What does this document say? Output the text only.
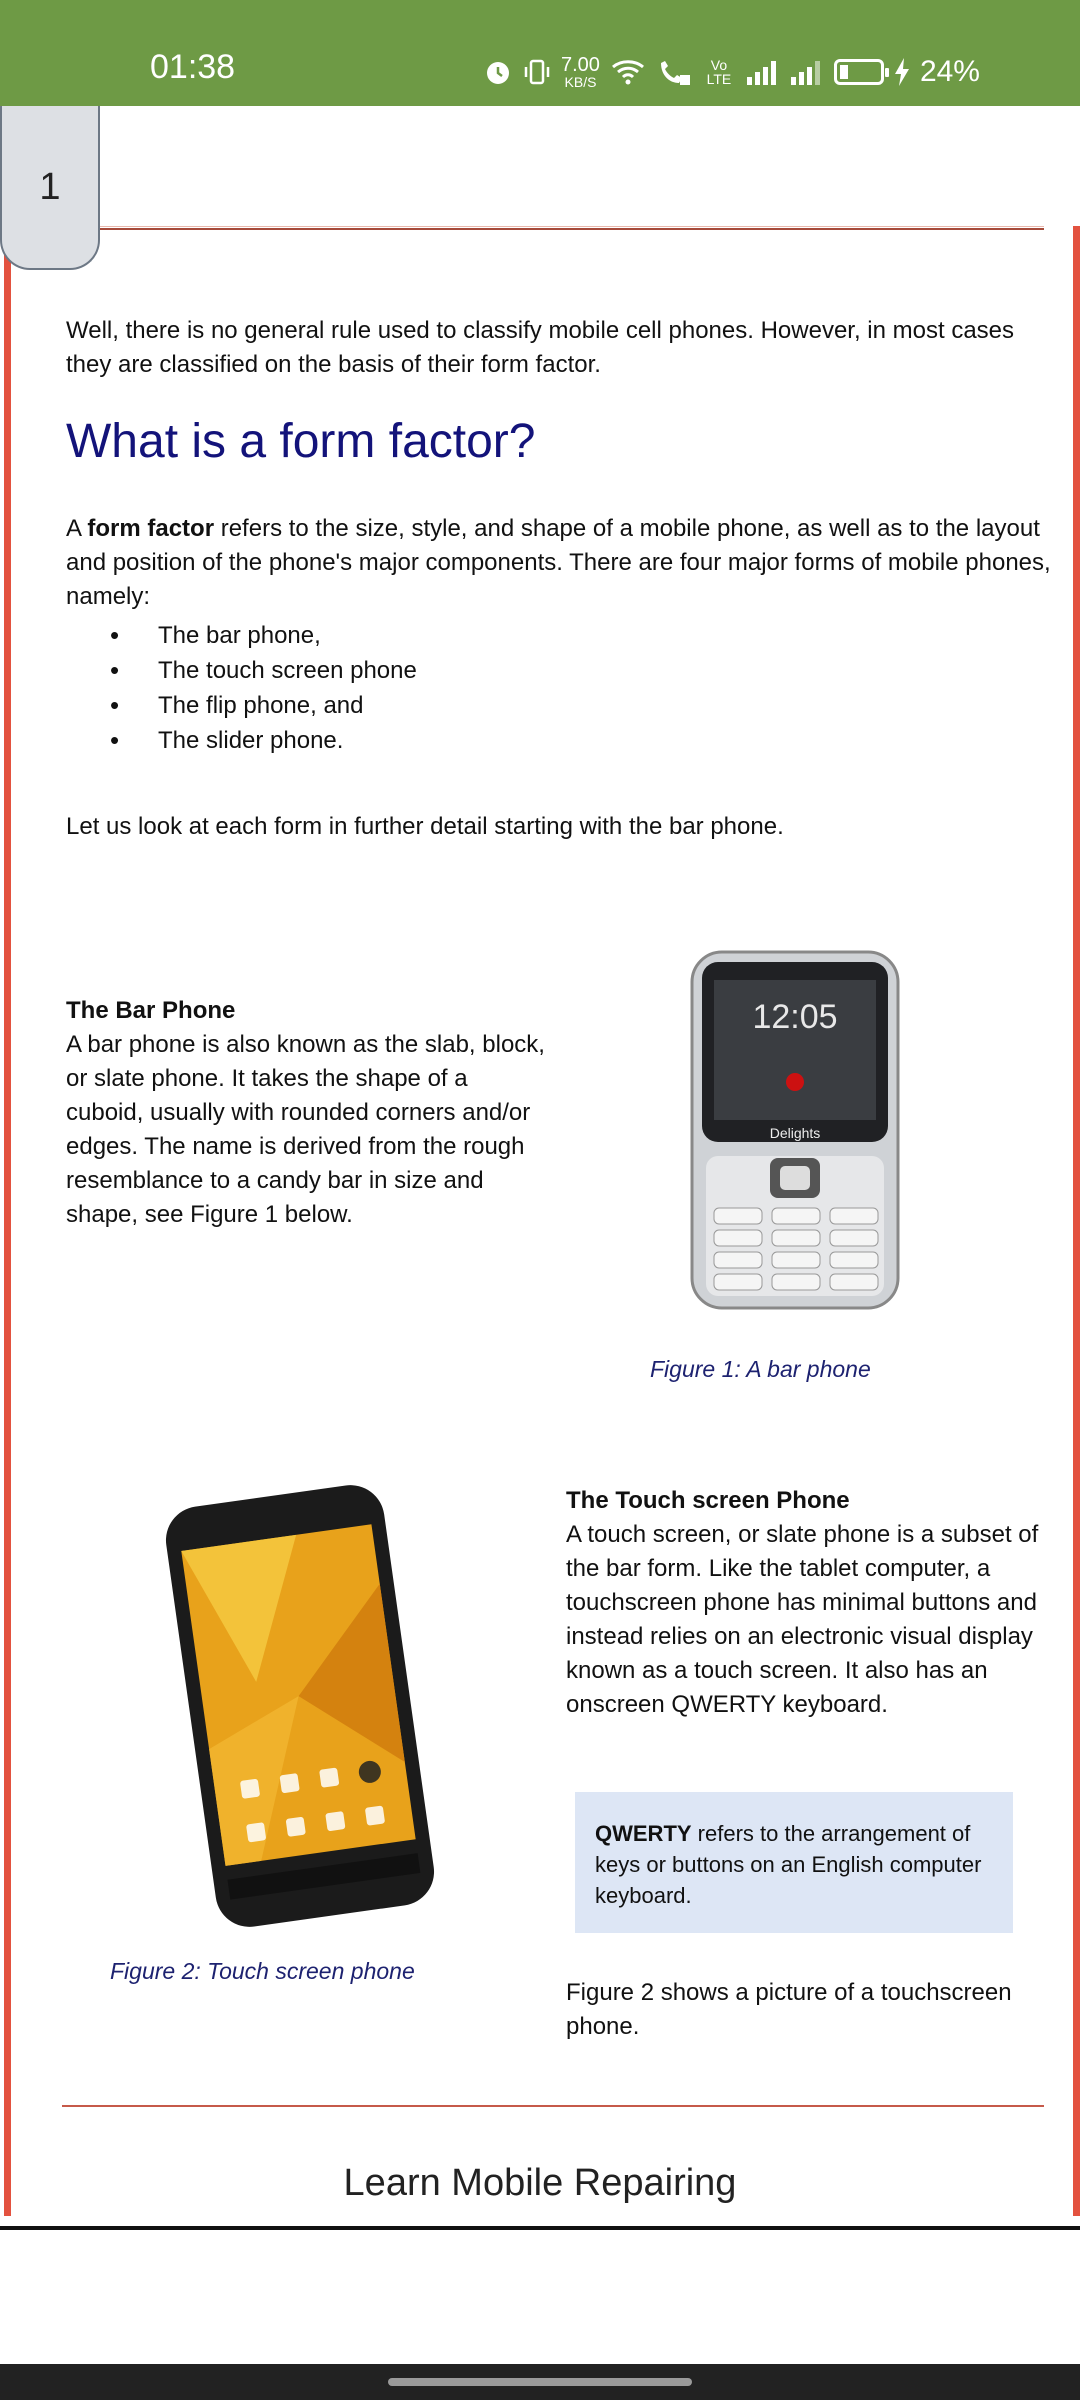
01:38	7.00
KB/S
Vo LTE	24%
1
Well, there is no general rule used to classify mobile cell phones. However, in most cases they are classified on the basis of their form factor.
What is a form factor?
A form factor refers to the size, style, and shape of a mobile phone, as well as to the layout and position of the phone's major components. There are four major forms of mobile phones, namely:
• The bar phone,
• The touch screen phone
• The flip phone, and
• The slider phone.
Let us look at each form in further detail starting with the bar phone.
The Bar Phone
A bar phone is also known as the slab, block, or slate phone. It takes the shape of a cuboid, usually with rounded corners and/or edges. The name is derived from the rough resemblance to a candy bar in size and shape, see Figure 1 below.
12:05
Delights
Figure 1: A bar phone
Figure 2: Touch screen phone
The Touch screen Phone
A touch screen, or slate phone is a subset of the bar form. Like the tablet computer, a touchscreen phone has minimal buttons and instead relies on an electronic visual display known as a touch screen. It also has an onscreen QWERTY keyboard.
QWERTY refers to the arrangement of keys or buttons on an English computer keyboard.
Figure 2 shows a picture of a touchscreen phone.
Learn Mobile Repairing
